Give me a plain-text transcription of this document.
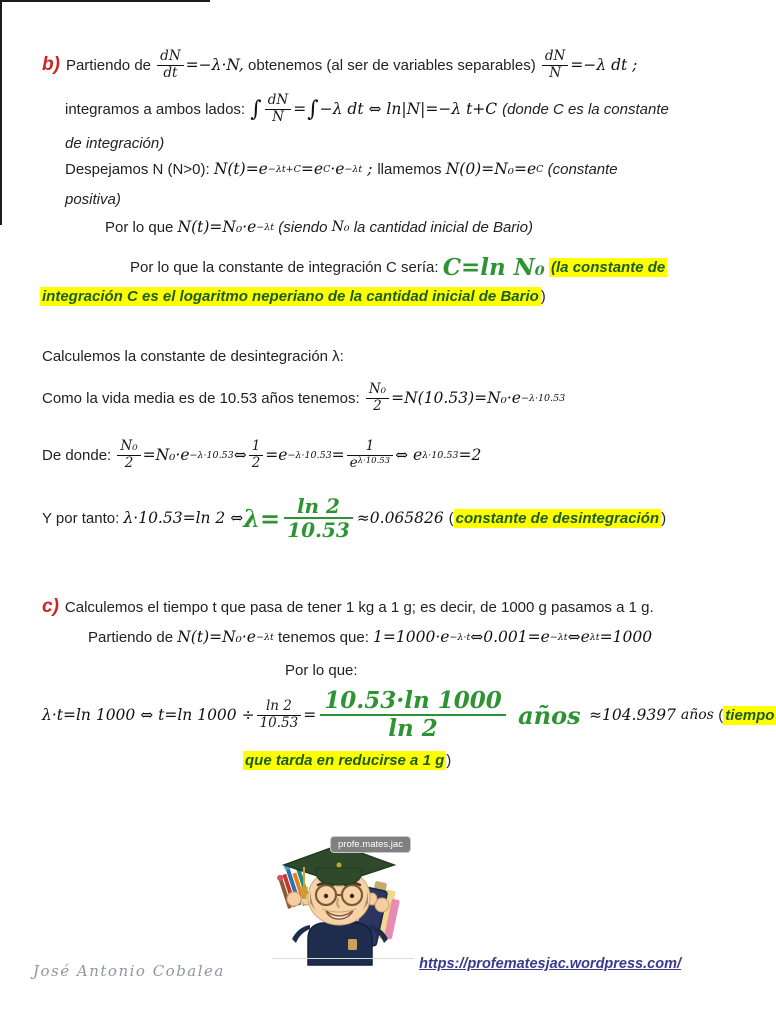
b) Partiendo de $\frac{dN}{dt} =-\lambda\cdot N$, obtenemos (al ser de variables separables) $\frac{dN}{N} =-\lambda$ dt ;
integramos a ambos lados: ∫ $\frac{dN}{N}$ = ∫ −λ dt ⇔ ln|N|=−λ t+C (donde C es la constante
de integración)
Despejamos N (N>0): N(t)=e −λt+C =e C ·e −λt ; llamemos N(0)=N₀=e C (constante
positiva)
Por lo que N(t)=N₀·e −λt (siendo N₀ la cantidad inicial de Bario)
Por lo que la constante de integración C sería: C=ln N₀
(la constante de
integración C es el logaritmo neperiano de la cantidad inicial de Bario )
Calculemos la constante de desintegración λ:
Como la vida media es de 10.53 años tenemos: $\frac{\text{N₀}}{2} =N(10.53)=N_0\cdot e -\lambda\cdot 10.53$
De donde: $\frac{\text{N₀}}{2} =N_0\cdot e -\lambda\cdot 10.53$ ⇔ $\frac{1}{2} =e -\lambda\cdot 10.53 = \frac{1}{e^{\lambda\cdot 10.53}}$ ⇔ e λ·10.53 =2
Y por tanto: λ·10.53=ln 2 ⇔ $\lambda= \frac{\ln 2}{10.53} \approx 0.065826$ ( constante de desintegración )
c) Calculemos el tiempo t que pasa de tener 1 kg a 1 g; es decir, de 1000 g pasamos a 1 g.
Partiendo de N(t)=N₀·e −λt tenemos que: 1=1000·e −λ·t ⇔0.001=e −λt ⇔e λt =1000
Por lo que:
λ·t=ln 1000 ⇔ t=ln $1000 \div \frac{\ln 2}{10.53} = \frac{10.53\cdot\ln 1000}{\ln 2}$ años ≈104.9397 años ( tiempo
que tarda en reducirse a 1 g )
profe.mates.jac
José Antonio Cobalea	https://profematesjac.wordpress.com/
